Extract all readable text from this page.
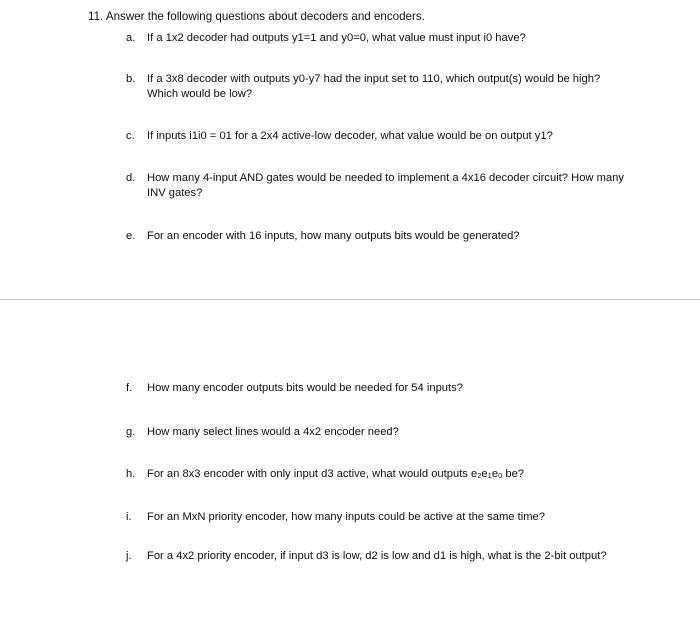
11. Answer the following questions about decoders and encoders.
a.	If a 1x2 decoder had outputs y1=1 and y0=0, what value must input i0 have?
b.	If a 3x8 decoder with outputs y0-y7 had the input set to 110, which output(s) would be high? Which would be low?
c.	If inputs i1i0 = 01 for a 2x4 active-low decoder, what value would be on output y1?
d.	How many 4-input AND gates would be needed to implement a 4x16 decoder circuit? How many INV gates?
e.	For an encoder with 16 inputs, how many outputs bits would be generated?
f.	How many encoder outputs bits would be needed for 54 inputs?
g.	How many select lines would a 4x2 encoder need?
h.	For an 8x3 encoder with only input d3 active, what would outputs e2e1e0 be?
i.	For an MxN priority encoder, how many inputs could be active at the same time?
j.	For a 4x2 priority encoder, if input d3 is low, d2 is low and d1 is high, what is the 2-bit output?
